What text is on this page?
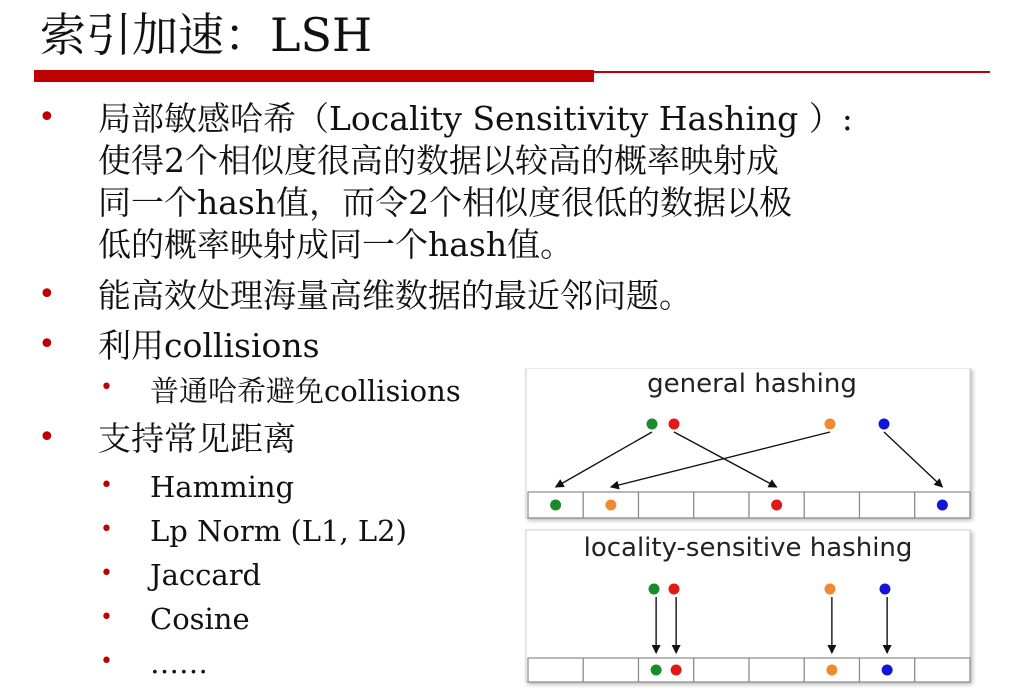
索引加速：LSH
• 局部敏感哈希（Locality Sensitivity Hashing ）:
使得2个相似度很高的数据以较高的概率映射成
同一个hash值，而令2个相似度很低的数据以极
低的概率映射成同一个hash值。
• 能高效处理海量高维数据的最近邻问题。
• 利用collisions
• 普通哈希避免collisions
• 支持常见距离
• Hamming
• Lp Norm (L1, L2)
• Jaccard
• Cosine
• ……
general hashing
locality-sensitive hashing
